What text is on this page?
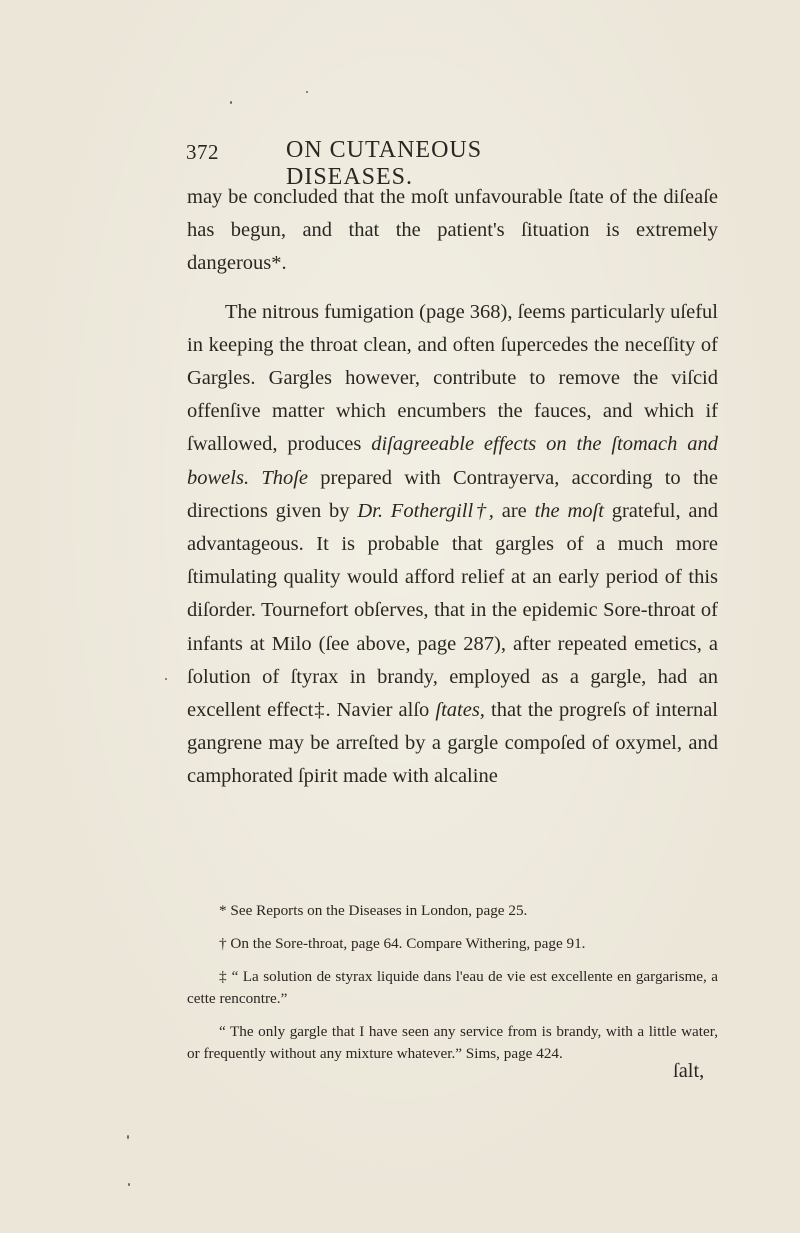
372	ON CUTANEOUS DISEASES.

may be concluded that the moſt unfavourable ſtate of the diſeaſe has begun, and that the patient's ſituation is extremely dangerous*.

The nitrous fumigation (page 368), ſeems particularly uſeful in keeping the throat clean, and often ſupercedes the neceſſity of Gargles. Gargles however, contribute to remove the viſcid offenſive matter which encumbers the fauces, and which if ſwallowed, produces diſagreeable effects on the ſtomach and bowels. Thoſe prepared with Contrayerva, according to the directions given by Dr. Fothergill†, are the moſt grateful, and advantageous. It is probable that gargles of a much more ſtimulating quality would afford relief at an early period of this diſorder. Tournefort obſerves, that in the epidemic Sore-throat of infants at Milo (ſee above, page 287), after repeated emetics, a ſolution of ſtyrax in brandy, employed as a gargle, had an excellent effect‡. Navier alſo ſtates, that the progreſs of internal gangrene may be arreſted by a gargle compoſed of oxymel, and camphorated ſpirit made with alcaline

* See Reports on the Diseases in London, page 25.

† On the Sore-throat, page 64. Compare Withering, page 91.

‡ “ La solution de styrax liquide dans l'eau de vie est excellente en gargarisme, a cette rencontre.”

“ The only gargle that I have seen any service from is brandy, with a little water, or frequently without any mixture whatever.” Sims, page 424.

ſalt,
